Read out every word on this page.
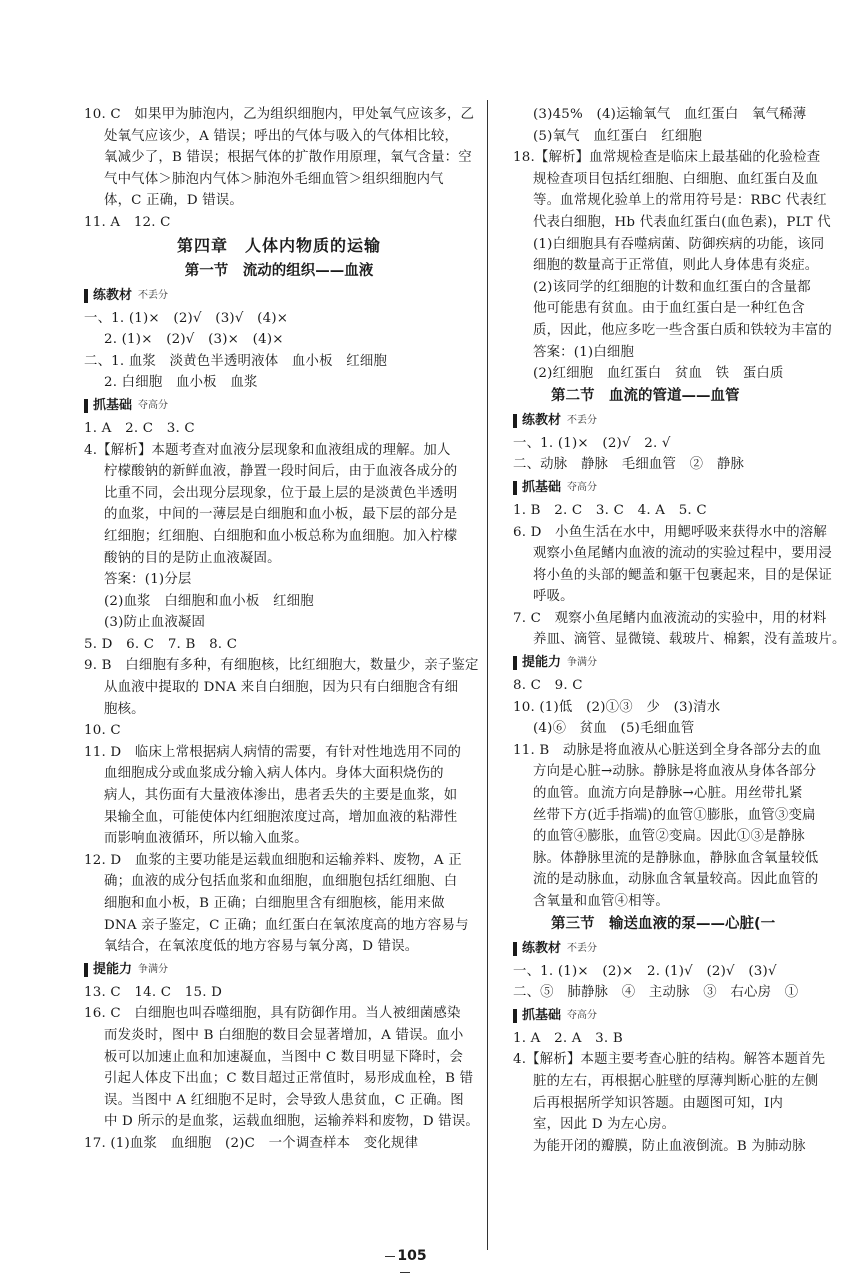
10. C　如果甲为肺泡内，乙为组织细胞内，甲处氧气应该多，乙
处氧气应该少，A 错误；呼出的气体与吸入的气体相比较，
氧减少了，B 错误；根据气体的扩散作用原理，氧气含量：空
气中气体＞肺泡内气体＞肺泡外毛细血管＞组织细胞内气
体，C 正确，D 错误。
11. A　12. C
第四章　人体内物质的运输
第一节　流动的组织——血液
练教材 不丢分
一、1. (1)×　(2)√　(3)√　(4)×
2. (1)×　(2)√　(3)×　(4)×
二、1. 血浆　淡黄色半透明液体　血小板　红细胞
2. 白细胞　血小板　血浆
抓基础 夺高分
1. A　2. C　3. C
4.【解析】本题考查对血液分层现象和血液组成的理解。加人
柠檬酸钠的新鲜血液，静置一段时间后，由于血液各成分的
比重不同，会出现分层现象，位于最上层的是淡黄色半透明
的血浆，中间的一薄层是白细胞和血小板，最下层的部分是
红细胞；红细胞、白细胞和血小板总称为血细胞。加入柠檬
酸钠的目的是防止血液凝固。
答案：(1)分层
(2)血浆　白细胞和血小板　红细胞
(3)防止血液凝固
5. D　6. C　7. B　8. C
9. B　白细胞有多种，有细胞核，比红细胞大，数量少，亲子鉴定
从血液中提取的 DNA 来自白细胞，因为只有白细胞含有细
胞核。
10. C
11. D　临床上常根据病人病情的需要，有针对性地选用不同的
血细胞成分或血浆成分输入病人体内。身体大面积烧伤的
病人，其伤面有大量液体渗出，患者丢失的主要是血浆，如
果输全血，可能使体内红细胞浓度过高，增加血液的粘滞性
而影响血液循环，所以输入血浆。
12. D　血浆的主要功能是运载血细胞和运输养料、废物，A 正
确；血液的成分包括血浆和血细胞，血细胞包括红细胞、白
细胞和血小板，B 正确；白细胞里含有细胞核，能用来做
DNA 亲子鉴定，C 正确；血红蛋白在氧浓度高的地方容易与
氧结合，在氧浓度低的地方容易与氧分离，D 错误。
提能力 争满分
13. C　14. C　15. D
16. C　白细胞也叫吞噬细胞，具有防御作用。当人被细菌感染
而发炎时，图中 B 白细胞的数目会显著增加，A 错误。血小
板可以加速止血和加速凝血，当图中 C 数目明显下降时，会
引起人体皮下出血；C 数目超过正常值时，易形成血栓，B 错
误。当图中 A 红细胞不足时，会导致人患贫血，C 正确。图
中 D 所示的是血浆，运载血细胞，运输养料和废物，D 错误。
17. (1)血浆　血细胞　(2)C　一个调查样本　变化规律
(3)45%　(4)运输氧气　血红蛋白　氧气稀薄
(5)氧气　血红蛋白　红细胞
18.【解析】血常规检查是临床上最基础的化验检查
规检查项目包括红细胞、白细胞、血红蛋白及血
等。血常规化验单上的常用符号是：RBC 代表红
代表白细胞，Hb 代表血红蛋白(血色素)，PLT 代
(1)白细胞具有吞噬病菌、防御疾病的功能，该同
细胞的数量高于正常值，则此人身体患有炎症。
(2)该同学的红细胞的计数和血红蛋白的含量都
他可能患有贫血。由于血红蛋白是一种红色含
质，因此，他应多吃一些含蛋白质和铁较为丰富的
答案：(1)白细胞
(2)红细胞　血红蛋白　贫血　铁　蛋白质
第二节　血流的管道——血管
练教材 不丢分
一、1. (1)×　(2)√　2. √
二、动脉　静脉　毛细血管　②　静脉
抓基础 夺高分
1. B　2. C　3. C　4. A　5. C
6. D　小鱼生活在水中，用鳃呼吸来获得水中的溶解
观察小鱼尾鳍内血液的流动的实验过程中，要用浸
将小鱼的头部的鳃盖和躯干包裹起来，目的是保证
呼吸。
7. C　观察小鱼尾鳍内血液流动的实验中，用的材料
养皿、滴管、显微镜、载玻片、棉絮，没有盖玻片。
提能力 争满分
8. C　9. C
10. (1)低　(2)①③　少　(3)清水
(4)⑥　贫血　(5)毛细血管
11. B　动脉是将血液从心脏送到全身各部分去的血
方向是心脏→动脉。静脉是将血液从身体各部分
的血管。血流方向是静脉→心脏。用丝带扎紧
丝带下方(近手指端)的血管①膨胀，血管③变扁
的血管④膨胀，血管②变扁。因此①③是静脉
脉。体静脉里流的是静脉血，静脉血含氧量较低
流的是动脉血，动脉血含氧量较高。因此血管的
含氧量和血管④相等。
第三节　输送血液的泵——心脏(一
练教材 不丢分
一、1. (1)×　(2)×　2. (1)√　(2)√　(3)√
二、⑤　肺静脉　④　主动脉　③　右心房　①
抓基础 夺高分
1. A　2. A　3. B
4.【解析】本题主要考查心脏的结构。解答本题首先
脏的左右，再根据心脏壁的厚薄判断心脏的左侧
后再根据所学知识答题。由题图可知，Ⅰ内
室，因此 D 为左心房。
为能开闭的瓣膜，防止血液倒流。B 为肺动脉
105
